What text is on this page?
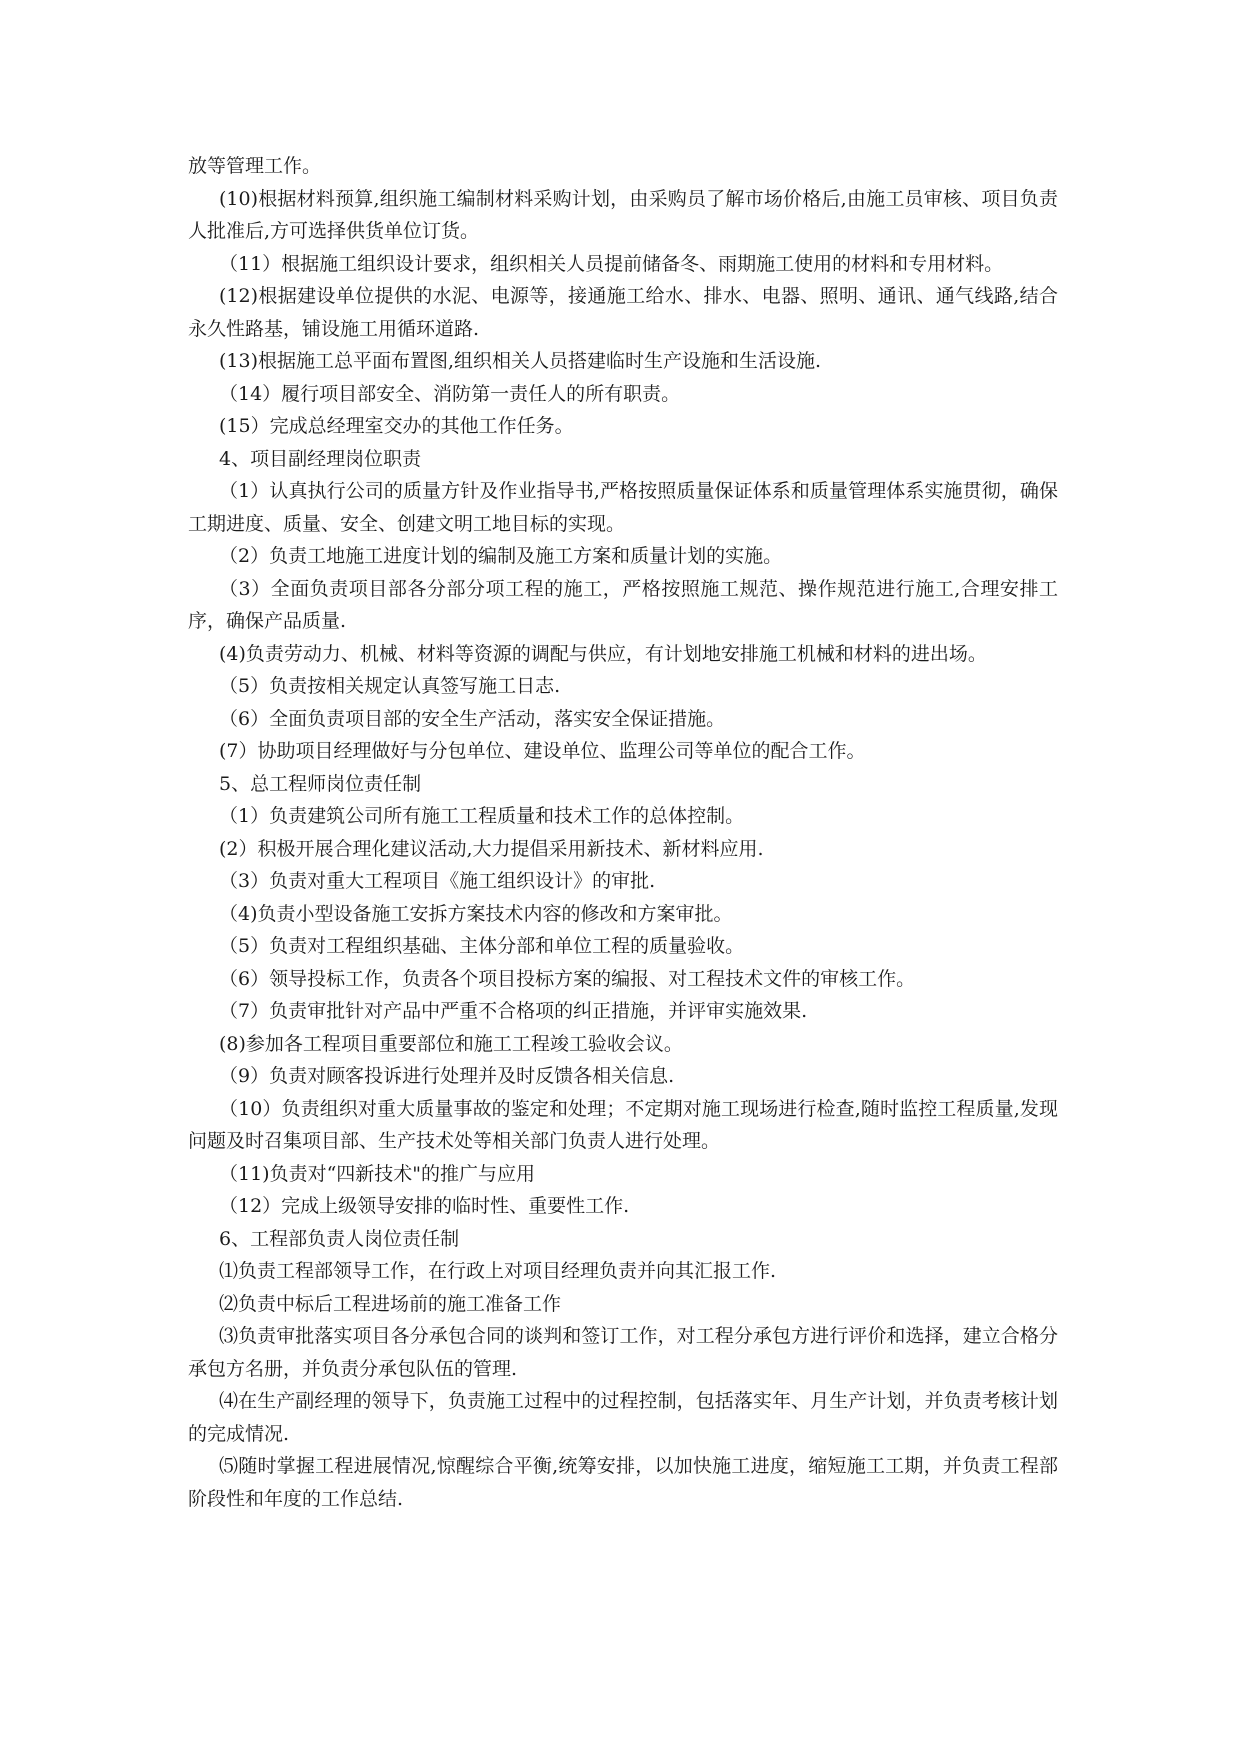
放等管理工作。

(10)根据材料预算,组织施工编制材料采购计划，由采购员了解市场价格后,由施工员审核、项目负责人批准后,方可选择供货单位订货。

（11）根据施工组织设计要求，组织相关人员提前储备冬、雨期施工使用的材料和专用材料。

(12)根据建设单位提供的水泥、电源等，接通施工给水、排水、电器、照明、通讯、通气线路,结合永久性路基，铺设施工用循环道路.

(13)根据施工总平面布置图,组织相关人员搭建临时生产设施和生活设施.

（14）履行项目部安全、消防第一责任人的所有职责。

(15）完成总经理室交办的其他工作任务。

4、项目副经理岗位职责

（1）认真执行公司的质量方针及作业指导书,严格按照质量保证体系和质量管理体系实施贯彻，确保工期进度、质量、安全、创建文明工地目标的实现。

（2）负责工地施工进度计划的编制及施工方案和质量计划的实施。

（3）全面负责项目部各分部分项工程的施工，严格按照施工规范、操作规范进行施工,合理安排工序，确保产品质量.

(4)负责劳动力、机械、材料等资源的调配与供应，有计划地安排施工机械和材料的进出场。

（5）负责按相关规定认真签写施工日志.

（6）全面负责项目部的安全生产活动，落实安全保证措施。

(7）协助项目经理做好与分包单位、建设单位、监理公司等单位的配合工作。

5、总工程师岗位责任制

（1）负责建筑公司所有施工工程质量和技术工作的总体控制。

(2）积极开展合理化建议活动,大力提倡采用新技术、新材料应用.

（3）负责对重大工程项目《施工组织设计》的审批.

（4)负责小型设备施工安拆方案技术内容的修改和方案审批。

（5）负责对工程组织基础、主体分部和单位工程的质量验收。

（6）领导投标工作，负责各个项目投标方案的编报、对工程技术文件的审核工作。

（7）负责审批针对产品中严重不合格项的纠正措施，并评审实施效果.

(8)参加各工程项目重要部位和施工工程竣工验收会议。

（9）负责对顾客投诉进行处理并及时反馈各相关信息.

（10）负责组织对重大质量事故的鉴定和处理；不定期对施工现场进行检查,随时监控工程质量,发现问题及时召集项目部、生产技术处等相关部门负责人进行处理。

（11)负责对“四新技术"的推广与应用

（12）完成上级领导安排的临时性、重要性工作.

6、工程部负责人岗位责任制

⑴负责工程部领导工作，在行政上对项目经理负责并向其汇报工作.

⑵负责中标后工程进场前的施工准备工作

⑶负责审批落实项目各分承包合同的谈判和签订工作，对工程分承包方进行评价和选择，建立合格分承包方名册，并负责分承包队伍的管理.

⑷在生产副经理的领导下，负责施工过程中的过程控制，包括落实年、月生产计划，并负责考核计划的完成情况.

⑸随时掌握工程进展情况,惊醒综合平衡,统筹安排，以加快施工进度，缩短施工工期，并负责工程部阶段性和年度的工作总结.
